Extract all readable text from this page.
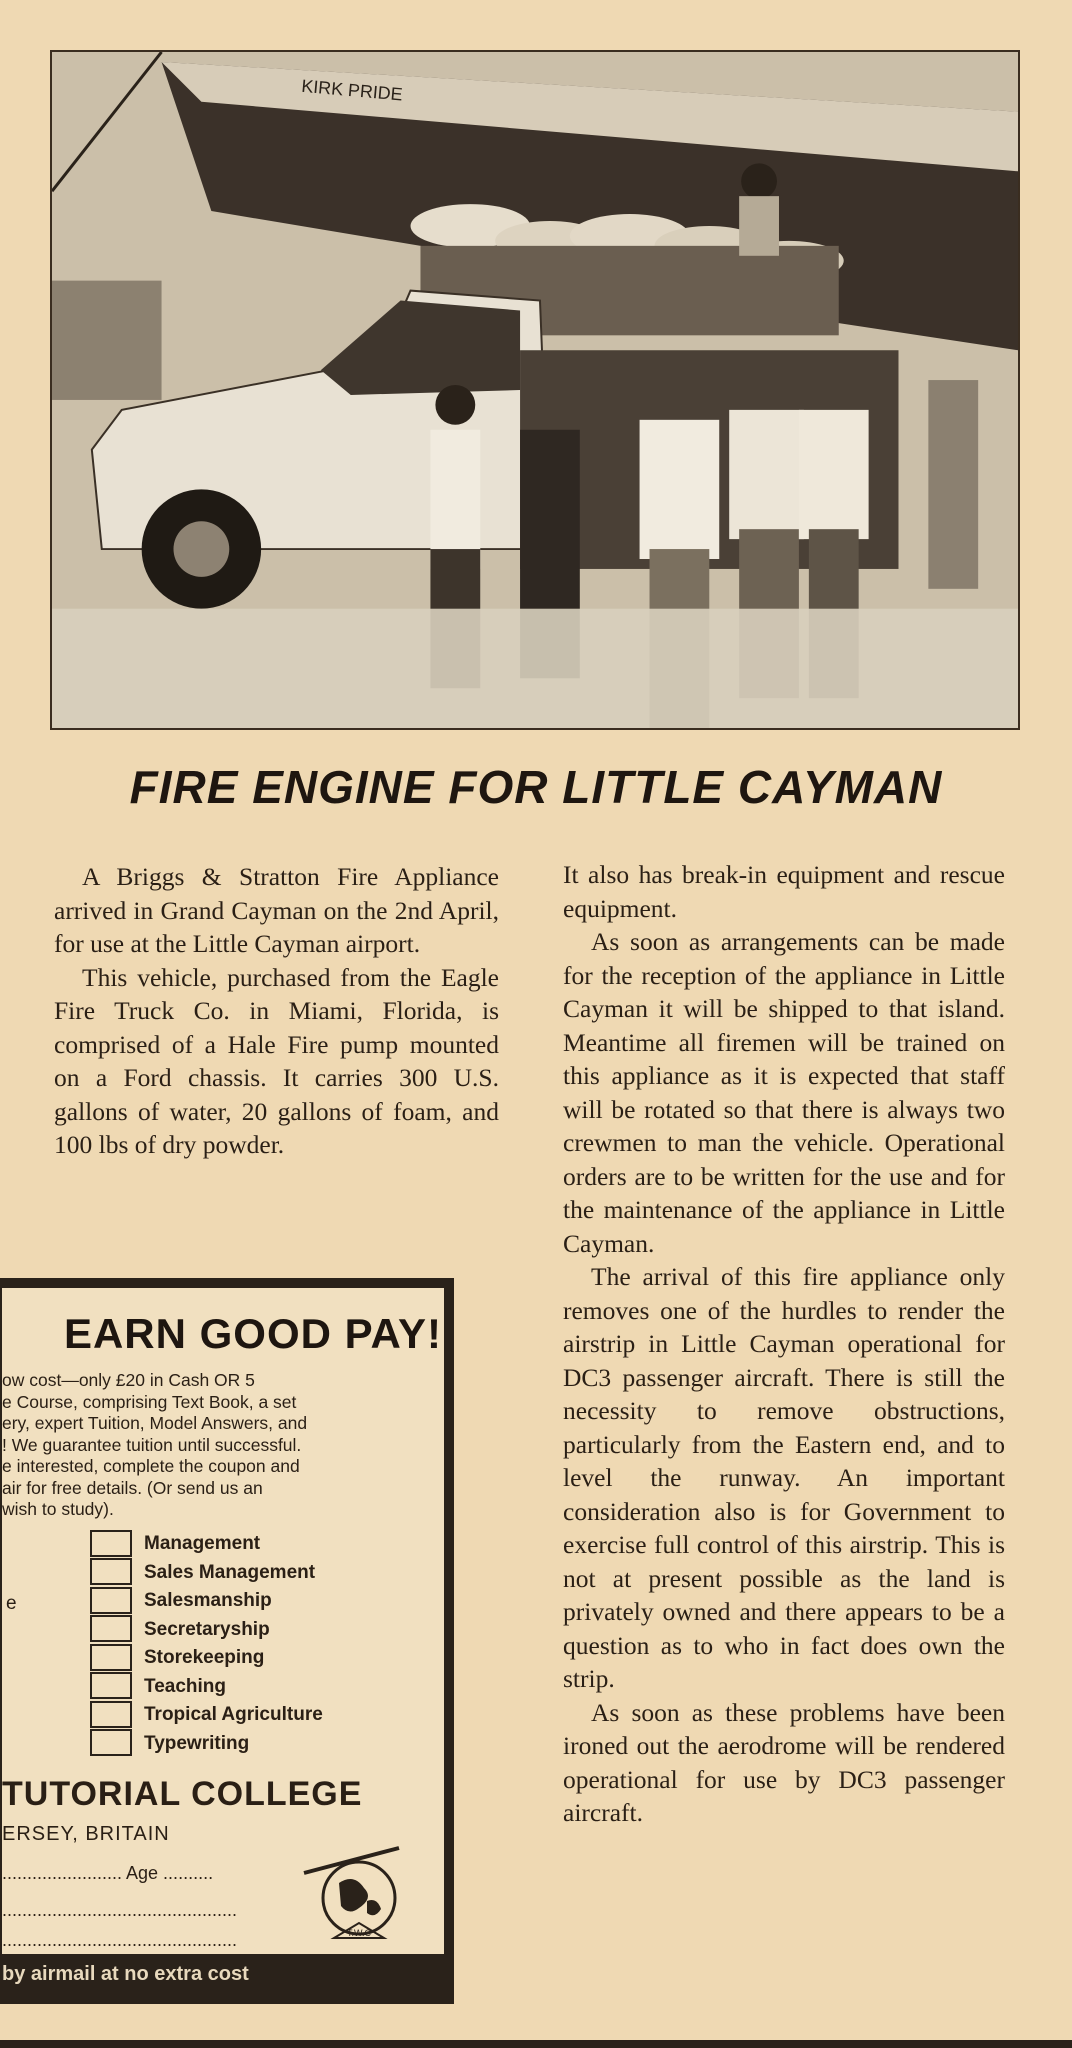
KIRK PRIDE
FIRE ENGINE FOR LITTLE CAYMAN

A Briggs & Stratton Fire Appliance arrived in Grand Cayman on the 2nd April, for use at the Little Cayman airport.

This vehicle, purchased from the Eagle Fire Truck Co. in Miami, Florida, is comprised of a Hale Fire pump mounted on a Ford chassis. It carries 300 U.S. gallons of water, 20 gallons of foam, and 100 lbs of dry powder.

It also has break-in equipment and rescue equipment.

As soon as arrangements can be made for the reception of the appliance in Little Cayman it will be shipped to that island. Meantime all firemen will be trained on this appliance as it is expected that staff will be rotated so that there is always two crewmen to man the vehicle. Operational orders are to be written for the use and for the maintenance of the appliance in Little Cayman.

The arrival of this fire appliance only removes one of the hurdles to render the airstrip in Little Cayman operational for DC3 passenger aircraft. There is still the necessity to remove obstructions, particularly from the Eastern end, and to level the runway. An important consideration also is for Government to exercise full control of this airstrip. This is not at present possible as the land is privately owned and there appears to be a question as to who in fact does own the strip.

As soon as these problems have been ironed out the aerodrome will be rendered operational for use by DC3 passenger aircraft.

EARN GOOD PAY!
ow cost—only £20 in Cash OR 5
e Course, comprising Text Book, a set
ery, expert Tuition, Model Answers, and
! We guarantee tuition until successful.
e interested, complete the coupon and
air for free details. (Or send us an
wish to study).
e
Management
Sales Management
Salesmanship
Secretaryship
Storekeeping
Teaching
Tropical Agriculture
Typewriting
TUTORIAL COLLEGE
ERSEY, BRITAIN
........................ Age ..........
...............................................
...............................................	T.W.C
by airmail at no extra cost
